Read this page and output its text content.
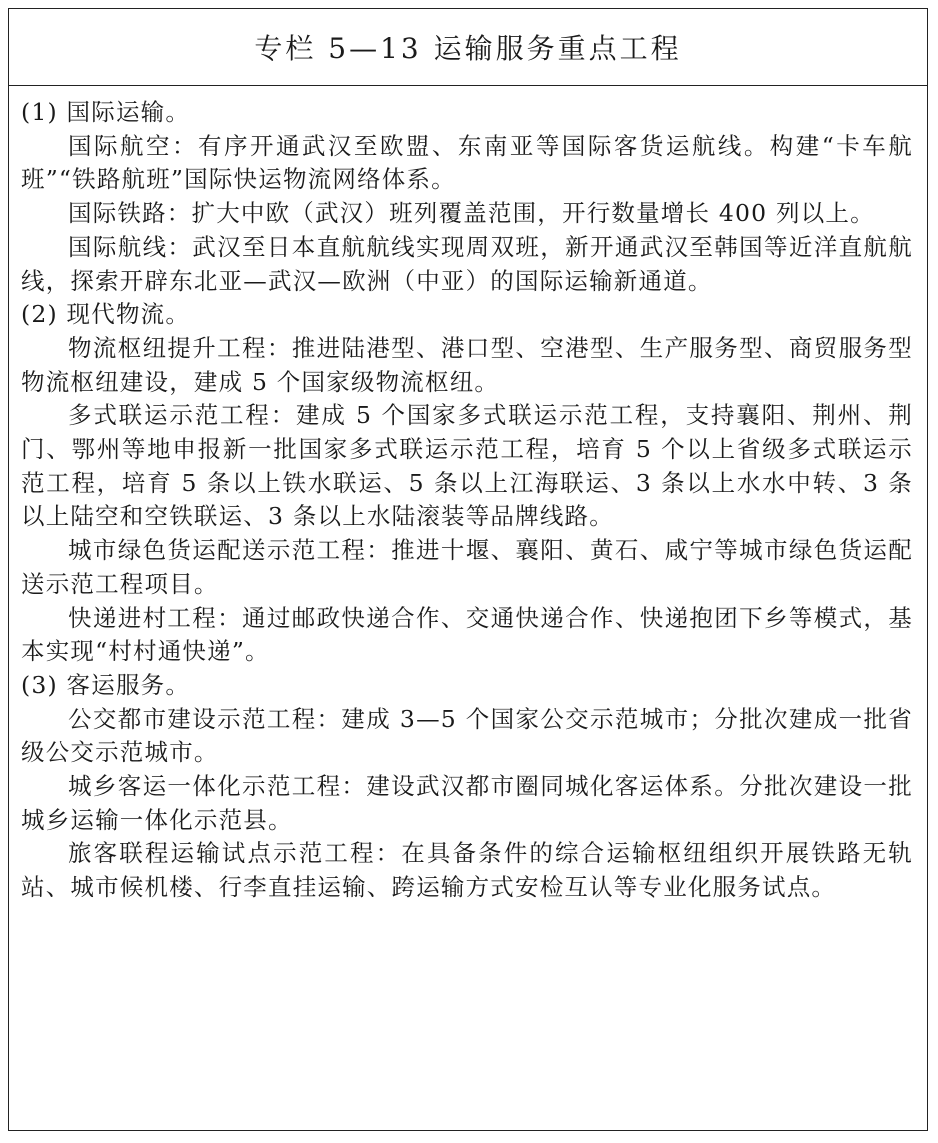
专栏 5—13 运输服务重点工程

(1) 国际运输。

国际航空：有序开通武汉至欧盟、东南亚等国际客货运航线。构建“卡车航班”“铁路航班”国际快运物流网络体系。

国际铁路：扩大中欧（武汉）班列覆盖范围，开行数量增长 400 列以上。

国际航线：武汉至日本直航航线实现周双班，新开通武汉至韩国等近洋直航航线，探索开辟东北亚—武汉—欧洲（中亚）的国际运输新通道。

(2) 现代物流。

物流枢纽提升工程：推进陆港型、港口型、空港型、生产服务型、商贸服务型物流枢纽建设，建成 5 个国家级物流枢纽。

多式联运示范工程：建成 5 个国家多式联运示范工程，支持襄阳、荆州、荆门、鄂州等地申报新一批国家多式联运示范工程，培育 5 个以上省级多式联运示范工程，培育 5 条以上铁水联运、5 条以上江海联运、3 条以上水水中转、3 条以上陆空和空铁联运、3 条以上水陆滚装等品牌线路。

城市绿色货运配送示范工程：推进十堰、襄阳、黄石、咸宁等城市绿色货运配送示范工程项目。

快递进村工程：通过邮政快递合作、交通快递合作、快递抱团下乡等模式，基本实现“村村通快递”。

(3) 客运服务。

公交都市建设示范工程：建成 3—5 个国家公交示范城市；分批次建成一批省级公交示范城市。

城乡客运一体化示范工程：建设武汉都市圈同城化客运体系。分批次建设一批城乡运输一体化示范县。

旅客联程运输试点示范工程：在具备条件的综合运输枢纽组织开展铁路无轨站、城市候机楼、行李直挂运输、跨运输方式安检互认等专业化服务试点。
